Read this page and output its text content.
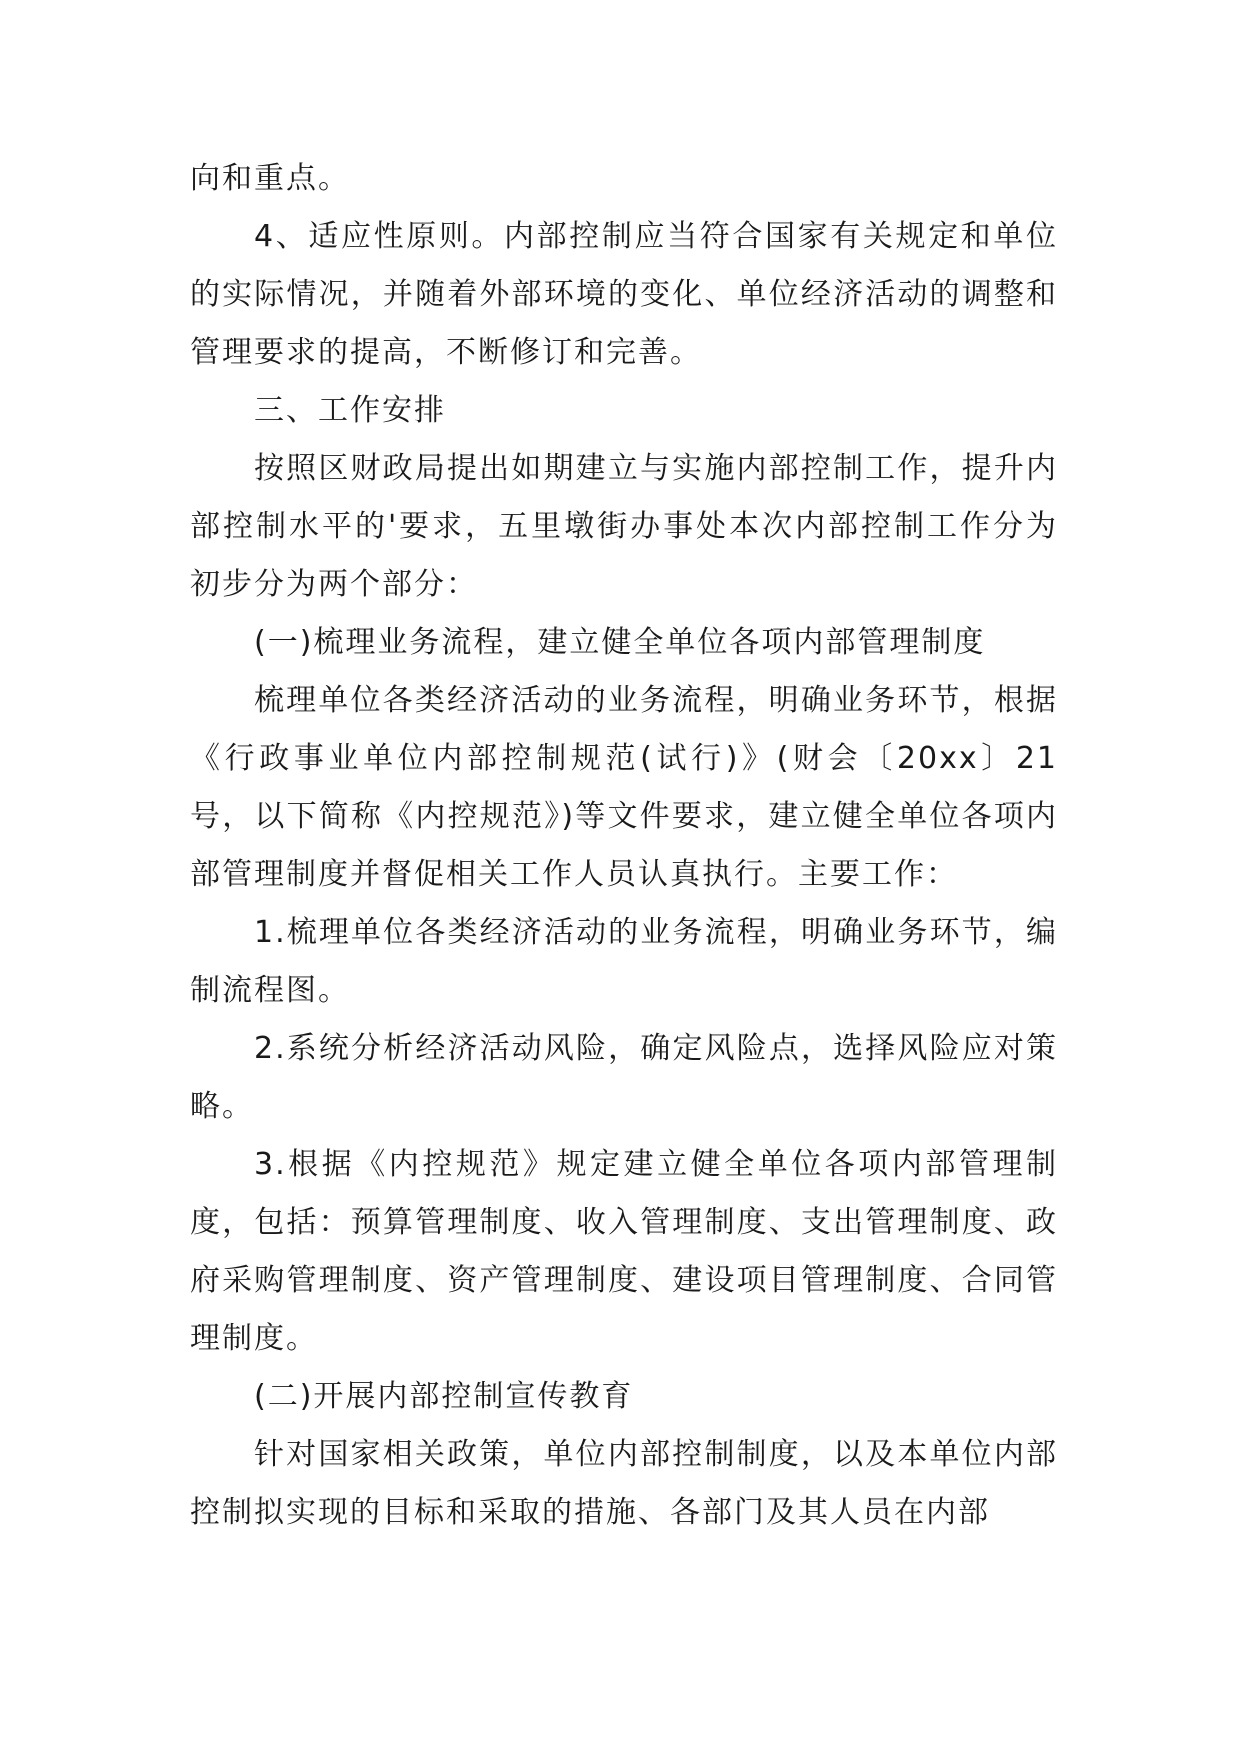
向和重点。

4、适应性原则。内部控制应当符合国家有关规定和单位的实际情况，并随着外部环境的变化、单位经济活动的调整和管理要求的提高，不断修订和完善。

三、工作安排

按照区财政局提出如期建立与实施内部控制工作，提升内部控制水平的'要求，五里墩街办事处本次内部控制工作分为初步分为两个部分：

(一)梳理业务流程，建立健全单位各项内部管理制度

梳理单位各类经济活动的业务流程，明确业务环节，根据《行政事业单位内部控制规范(试行)》(财会〔20xx〕21号，以下简称《内控规范》)等文件要求，建立健全单位各项内部管理制度并督促相关工作人员认真执行。主要工作：

1.梳理单位各类经济活动的业务流程，明确业务环节，编制流程图。

2.系统分析经济活动风险，确定风险点，选择风险应对策略。

3.根据《内控规范》规定建立健全单位各项内部管理制度，包括：预算管理制度、收入管理制度、支出管理制度、政府采购管理制度、资产管理制度、建设项目管理制度、合同管理制度。

(二)开展内部控制宣传教育

针对国家相关政策，单位内部控制制度，以及本单位内部控制拟实现的目标和采取的措施、各部门及其人员在内部
